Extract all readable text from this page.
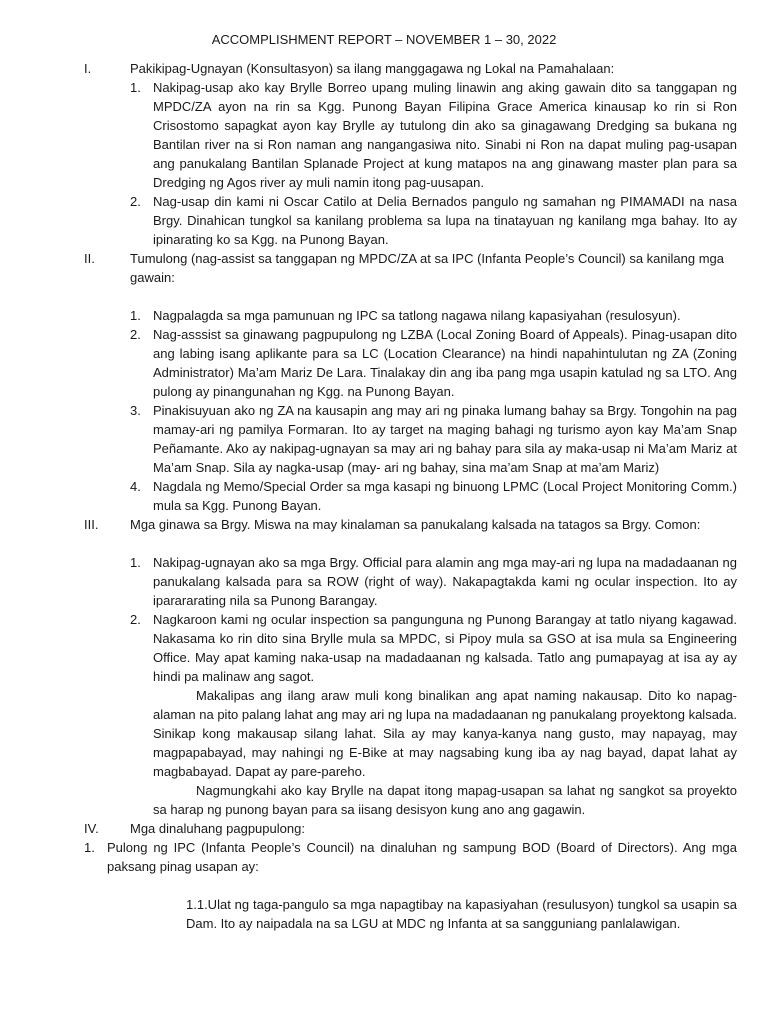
ACCOMPLISHMENT REPORT – NOVEMBER 1 – 30, 2022
I.	Pakikipag-Ugnayan (Konsultasyon) sa ilang manggagawa ng Lokal na Pamahalaan:
1. Nakipag-usap ako kay Brylle Borreo upang muling linawin ang aking gawain dito sa tanggapan ng MPDC/ZA ayon na rin sa Kgg. Punong Bayan Filipina Grace America kinausap ko rin si Ron Crisostomo sapagkat ayon kay Brylle ay tutulong din ako sa ginagawang Dredging sa bukana ng Bantilan river na si Ron naman ang nangangasiwa nito. Sinabi ni Ron na dapat muling pag-usapan ang panukalang Bantilan Splanade Project at kung matapos na ang ginawang master plan para sa Dredging ng Agos river ay muli namin itong pag-uusapan.
2. Nag-usap din kami ni Oscar Catilo at Delia Bernados pangulo ng samahan ng PIMAMADI na nasa Brgy. Dinahican tungkol sa kanilang problema sa lupa na tinatayuan ng kanilang mga bahay. Ito ay ipinarating ko sa Kgg. na Punong Bayan.
II.	Tumulong (nag-assist sa tanggapan ng MPDC/ZA at sa IPC (Infanta People’s Council) sa kanilang mga gawain:
1. Nagpalagda sa mga pamunuan ng IPC sa tatlong nagawa nilang kapasiyahan (resulosyun).
2. Nag-asssist sa ginawang pagpupulong ng LZBA (Local Zoning Board of Appeals). Pinag-usapan dito ang labing isang aplikante para sa LC (Location Clearance) na hindi napahintulutan ng ZA (Zoning Administrator) Ma’am Mariz De Lara. Tinalakay din ang iba pang mga usapin katulad ng sa LTO. Ang pulong ay pinangunahan ng Kgg. na Punong Bayan.
3. Pinakisuyuan ako ng ZA na kausapin ang may ari ng pinaka lumang bahay sa Brgy. Tongohin na pag mamay-ari ng pamilya Formaran. Ito ay target na maging bahagi ng turismo ayon kay Ma’am Snap Peñamante. Ako ay nakipag-ugnayan sa may ari ng bahay para sila ay maka-usap ni Ma’am Mariz at Ma’am Snap. Sila ay nagka-usap (may- ari ng bahay, sina ma’am Snap at ma’am Mariz)
4. Nagdala ng Memo/Special Order sa mga kasapi ng binuong LPMC (Local Project Monitoring Comm.) mula sa Kgg. Punong Bayan.
III.	Mga ginawa sa Brgy. Miswa na may kinalaman sa panukalang kalsada na tatagos sa Brgy. Comon:
1. Nakipag-ugnayan ako sa mga Brgy. Official para alamin ang mga may-ari ng lupa na madadaanan ng panukalang kalsada para sa ROW (right of way). Nakapagtakda kami ng ocular inspection. Ito ay iparararating nila sa Punong Barangay.
2. Nagkaroon kami ng ocular inspection sa pangunguna ng Punong Barangay at tatlo niyang kagawad. Nakasama ko rin dito sina Brylle mula sa MPDC, si Pipoy mula sa GSO at isa mula sa Engineering Office. May apat kaming naka-usap na madadaanan ng kalsada. Tatlo ang pumapayag at isa ay ay hindi pa malinaw ang sagot.
Makalipas ang ilang araw muli kong binalikan ang apat naming nakausap. Dito ko napag-alaman na pito palang lahat ang may ari ng lupa na madadaanan ng panukalang proyektong kalsada. Sinikap kong makausap silang lahat. Sila ay may kanya-kanya nang gusto, may napayag, may magpapabayad, may nahingi ng E-Bike at may nagsabing kung iba ay nag bayad, dapat lahat ay magbabayad. Dapat ay pare-pareho.
Nagmungkahi ako kay Brylle na dapat itong mapag-usapan sa lahat ng sangkot sa proyekto sa harap ng punong bayan para sa iisang desisyon kung ano ang gagawin.
IV.	Mga dinaluhang pagpupulong:
1. Pulong ng IPC (Infanta People’s Council) na dinaluhan ng sampung BOD (Board of Directors). Ang mga paksang pinag usapan ay:
1.1.Ulat ng taga-pangulo sa mga napagtibay na kapasiyahan (resulusyon) tungkol sa usapin sa Dam. Ito ay naipadala na sa LGU at MDC ng Infanta at sa sangguniang panlalawigan.
